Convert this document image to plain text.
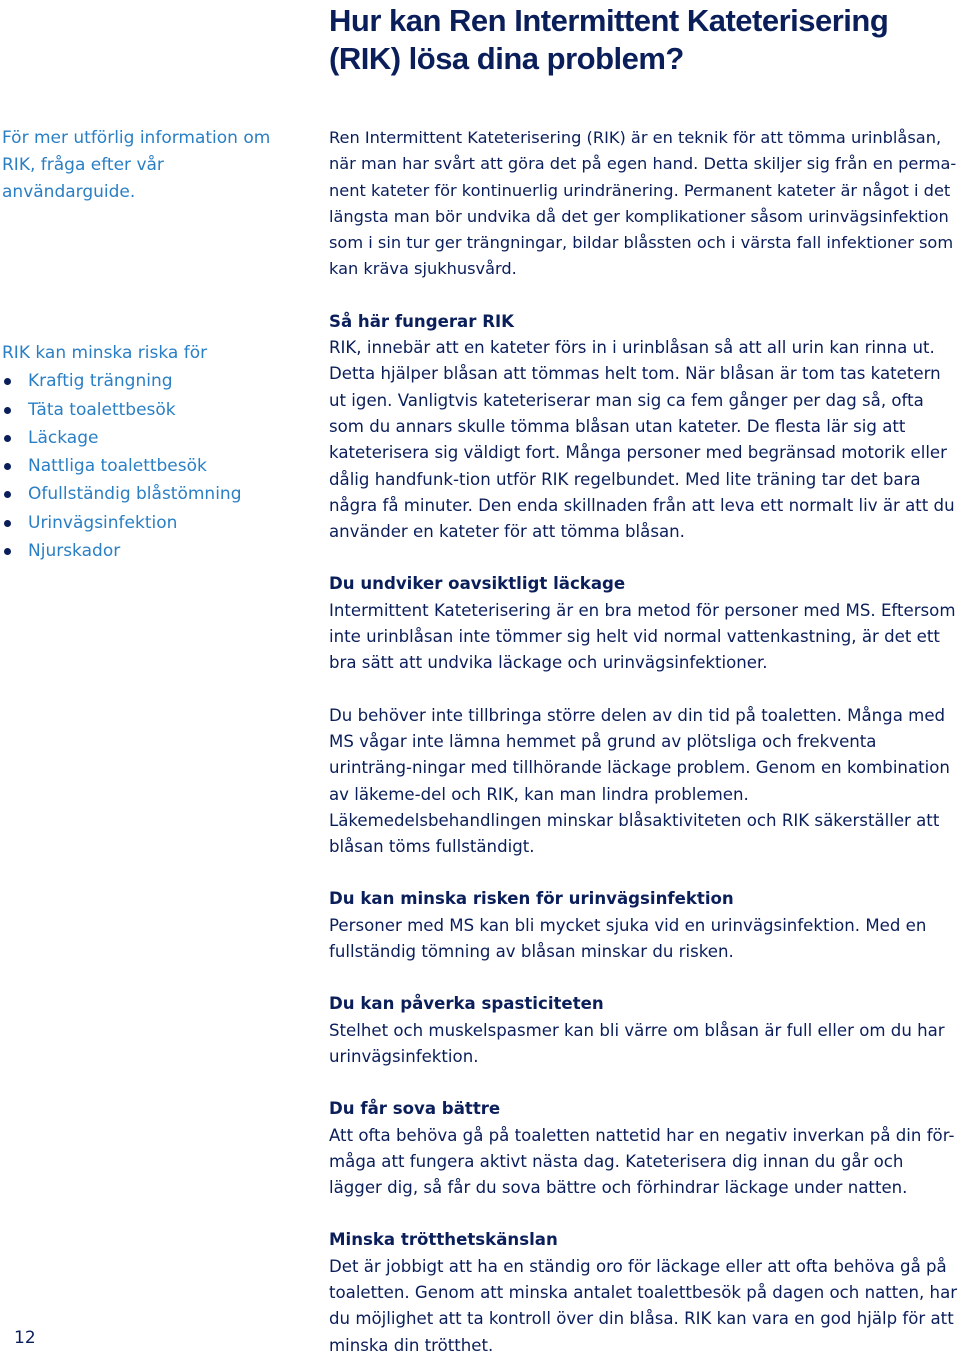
Hur kan Ren Intermittent Kateterisering (RIK) lösa dina problem?
För mer utförlig information om RIK, fråga efter vår användarguide.
RIK kan minska riska för
Kraftig trängning
Täta toalettbesök
Läckage
Nattliga toalettbesök
Ofullständig blåstömning
Urinvägsinfektion
Njurskador

Ren Intermittent Kateterisering (RIK) är en teknik för att tömma urinblåsan, när man har svårt att göra det på egen hand. Detta skiljer sig från en perma-nent kateter för kontinuerlig urindränering. Permanent kateter är något i det längsta man bör undvika då det ger komplikationer såsom urinvägsinfektion som i sin tur ger trängningar, bildar blåssten och i värsta fall infektioner som kan kräva sjukhusvård.

Så här fungerar RIK

RIK, innebär att en kateter förs in i urinblåsan så att all urin kan rinna ut. Detta hjälper blåsan att tömmas helt tom. När blåsan är tom tas katetern ut igen. Vanligtvis kateteriserar man sig ca fem gånger per dag så, ofta som du annars skulle tömma blåsan utan kateter. De flesta lär sig att kateterisera sig väldigt fort. Många personer med begränsad motorik eller dålig handfunk-tion utför RIK regelbundet. Med lite träning tar det bara några få minuter. Den enda skillnaden från att leva ett normalt liv är att du använder en kateter för att tömma blåsan.

Du undviker oavsiktligt läckage

Intermittent Kateterisering är en bra metod för personer med MS. Eftersom inte urinblåsan inte tömmer sig helt vid normal vattenkastning, är det ett bra sätt att undvika läckage och urinvägsinfektioner.

Du behöver inte tillbringa större delen av din tid på toaletten. Många med MS vågar inte lämna hemmet på grund av plötsliga och frekventa urinträng-ningar med tillhörande läckage problem. Genom en kombination av läkeme-del och RIK, kan man lindra problemen. Läkemedelsbehandlingen minskar blåsaktiviteten och RIK säkerställer att blåsan töms fullständigt.

Du kan minska risken för urinvägsinfektion

Personer med MS kan bli mycket sjuka vid en urinvägsinfektion. Med en fullständig tömning av blåsan minskar du risken.

Du kan påverka spasticiteten

Stelhet och muskelspasmer kan bli värre om blåsan är full eller om du har urinvägsinfektion.

Du får sova bättre

Att ofta behöva gå på toaletten nattetid har en negativ inverkan på din för-måga att fungera aktivt nästa dag. Kateterisera dig innan du går och lägger dig, så får du sova bättre och förhindrar läckage under natten.

Minska trötthetskänslan

Det är jobbigt att ha en ständig oro för läckage eller att ofta behöva gå på toaletten. Genom att minska antalet toalettbesök på dagen och natten, har du möjlighet att ta kontroll över din blåsa. RIK kan vara en god hjälp för att minska din trötthet.

12
